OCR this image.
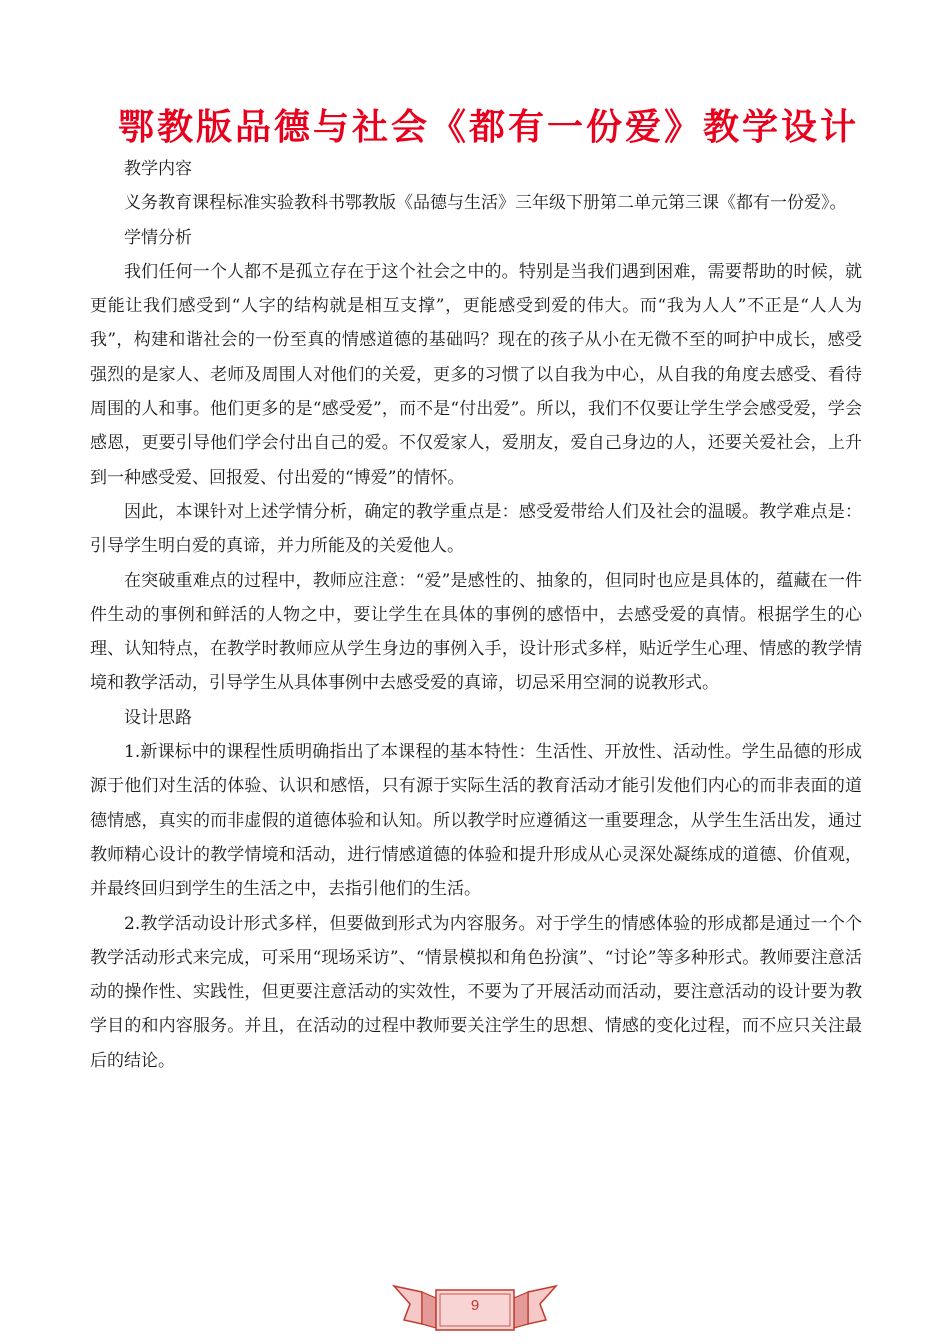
鄂教版品德与社会《都有一份爱》教学设计

教学内容

义务教育课程标准实验教科书鄂教版《品德与生活》三年级下册第二单元第三课《都有一份爱》。

学情分析

我们任何一个人都不是孤立存在于这个社会之中的。特别是当我们遇到困难，需要帮助的时候，就更能让我们感受到“人字的结构就是相互支撑”，更能感受到爱的伟大。而“我为人人”不正是“人人为我”，构建和谐社会的一份至真的情感道德的基础吗？现在的孩子从小在无微不至的呵护中成长，感受强烈的是家人、老师及周围人对他们的关爱，更多的习惯了以自我为中心，从自我的角度去感受、看待周围的人和事。他们更多的是“感受爱”，而不是“付出爱”。所以，我们不仅要让学生学会感受爱，学会感恩，更要引导他们学会付出自己的爱。不仅爱家人，爱朋友，爱自己身边的人，还要关爱社会，上升到一种感受爱、回报爱、付出爱的“博爱”的情怀。

因此，本课针对上述学情分析，确定的教学重点是：感受爱带给人们及社会的温暖。教学难点是：引导学生明白爱的真谛，并力所能及的关爱他人。

在突破重难点的过程中，教师应注意：“爱”是感性的、抽象的，但同时也应是具体的，蕴藏在一件件生动的事例和鲜活的人物之中，要让学生在具体的事例的感悟中，去感受爱的真情。根据学生的心理、认知特点，在教学时教师应从学生身边的事例入手，设计形式多样，贴近学生心理、情感的教学情境和教学活动，引导学生从具体事例中去感受爱的真谛，切忌采用空洞的说教形式。

设计思路

1.新课标中的课程性质明确指出了本课程的基本特性：生活性、开放性、活动性。学生品德的形成源于他们对生活的体验、认识和感悟，只有源于实际生活的教育活动才能引发他们内心的而非表面的道德情感，真实的而非虚假的道德体验和认知。所以教学时应遵循这一重要理念，从学生生活出发，通过教师精心设计的教学情境和活动，进行情感道德的体验和提升形成从心灵深处凝练成的道德、价值观，并最终回归到学生的生活之中，去指引他们的生活。

2.教学活动设计形式多样，但要做到形式为内容服务。对于学生的情感体验的形成都是通过一个个教学活动形式来完成，可采用“现场采访”、“情景模拟和角色扮演”、“讨论”等多种形式。教师要注意活动的操作性、实践性，但更要注意活动的实效性，不要为了开展活动而活动，要注意活动的设计要为教学目的和内容服务。并且，在活动的过程中教师要关注学生的思想、情感的变化过程，而不应只关注最后的结论。

9
